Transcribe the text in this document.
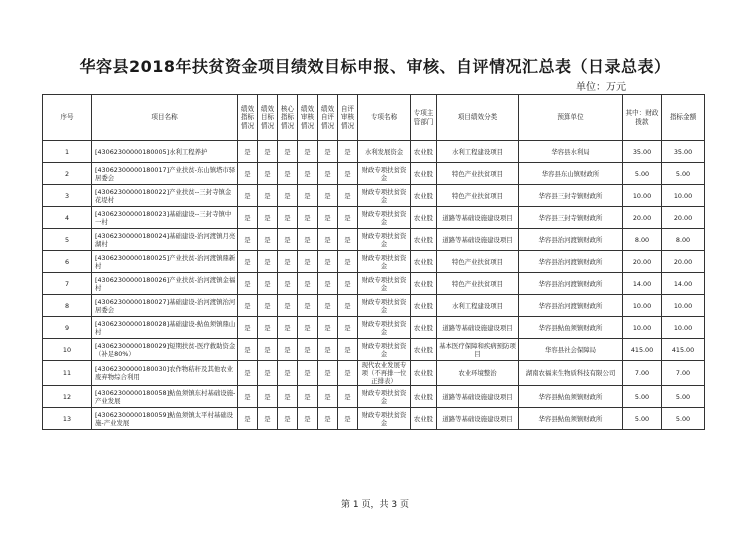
华容县2018年扶贫资金项目绩效目标申报、审核、自评情况汇总表（日录总表）
单位：万元
序号	项目名称	绩效指标情况	绩效目标情况	核心指标情况	绩效审核情况	绩效自评情况	自评审核情况	专项名称	专项主管部门	项目绩效分类	预算单位	其中：财政拨款	指标金额
1	[43062300000180005]水利工程养护	是	是	是	是	是	是	水利发展资金	农业股	水利工程建设项目	华容县水利局	35.00	35.00
2	[43062300000180017]产业扶贫-东山镇塔市驿居委会	是	是	是	是	是	是	财政专项扶贫资金	农业股	特色产业扶贫项目	华容县东山镇财政所	5.00	5.00
3	[43062300000180022]产业扶贫--三封寺镇金花堤村	是	是	是	是	是	是	财政专项扶贫资金	农业股	特色产业扶贫项目	华容县三封寺镇财政所	10.00	10.00
4	[43062300000180023]基础建设--三封寺镇中一村	是	是	是	是	是	是	财政专项扶贫资金	农业股	道路等基础设施建设项目	华容县三封寺镇财政所	20.00	20.00
5	[43062300000180024]基础建设-治河渡镇月亮湖村	是	是	是	是	是	是	财政专项扶贫资金	农业股	道路等基础设施建设项目	华容县治河渡镇财政所	8.00	8.00
6	[43062300000180025]产业扶贫-治河渡镇鼎新村	是	是	是	是	是	是	财政专项扶贫资金	农业股	特色产业扶贫项目	华容县治河渡镇财政所	20.00	20.00
7	[43062300000180026]产业扶贫-治河渡镇金福村	是	是	是	是	是	是	财政专项扶贫资金	农业股	特色产业扶贫项目	华容县治河渡镇财政所	14.00	14.00
8	[43062300000180027]基础建设-治河渡镇治河居委会	是	是	是	是	是	是	财政专项扶贫资金	农业股	水利工程建设项目	华容县治河渡镇财政所	10.00	10.00
9	[43062300000180028]基础建设-鲇鱼须镇鼎山村	是	是	是	是	是	是	财政专项扶贫资金	农业股	道路等基础设施建设项目	华容县鲇鱼须镇财政所	10.00	10.00
10	[43062300000180029]短期扶贫-医疗救助资金（补足80%）	是	是	是	是	是	是	财政专项扶贫资金	农业股	基本医疗保障和疾病预防项目	华容县社会保障局	415.00	415.00
11	[43062300000180030]农作物秸秆及其他农业废弃物综合利用	是	是	是	是	是	是	现代农业发展专项（不再排一位正排表）	农业股	农业环境整治	湖南农福来生物质科技有限公司	7.00	7.00
12	[43062300000180058]鲇鱼须镇东村基础设施-产业发展	是	是	是	是	是	是	财政专项扶贫资金	农业股	道路等基础设施建设项目	华容县鲇鱼须镇财政所	5.00	5.00
13	[43062300000180059]鲇鱼须镇太平村基础设施-产业发展	是	是	是	是	是	是	财政专项扶贫资金	农业股	道路等基础设施建设项目	华容县鲇鱼须镇财政所	5.00	5.00
第 1 页，共 3 页
